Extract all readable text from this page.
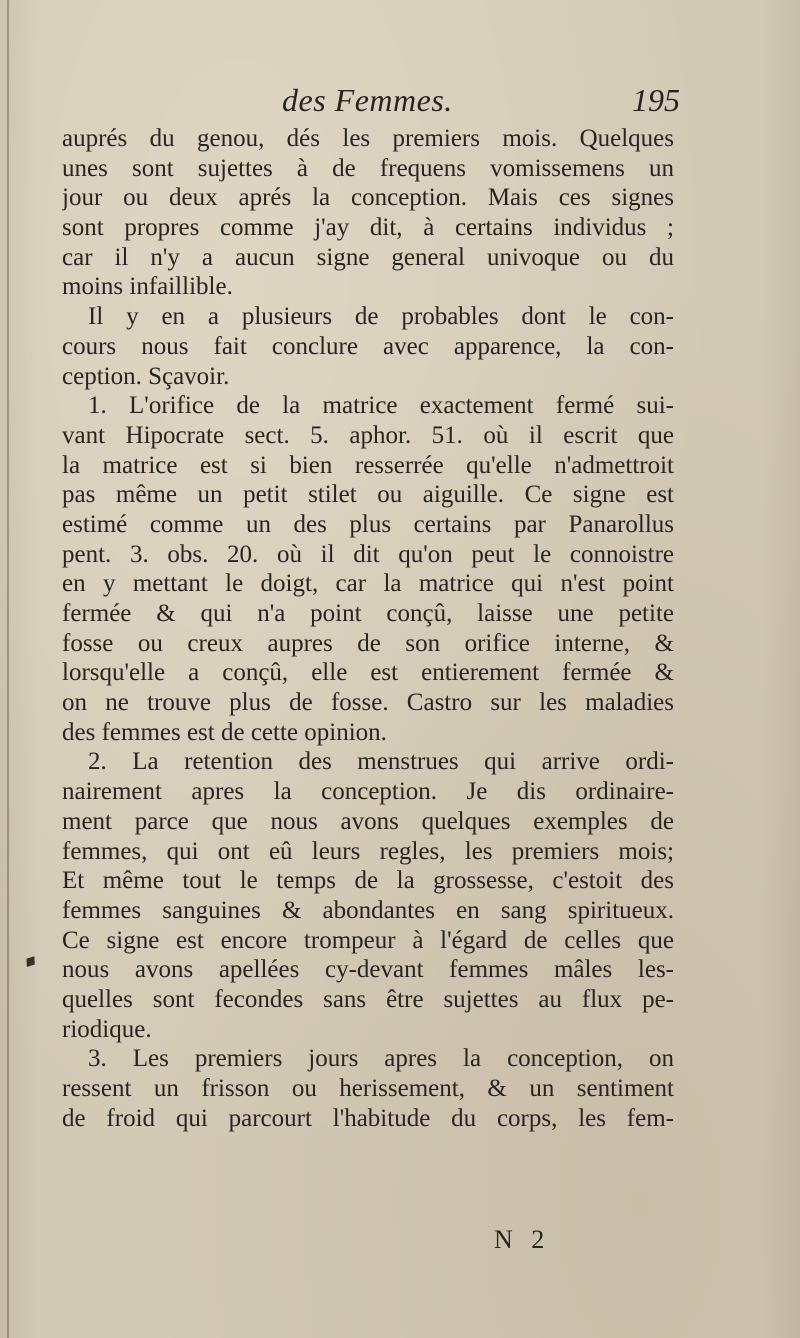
des Femmes.	195
auprés du genou, dés les premiers mois. Quelques
unes sont sujettes à de frequens vomissemens un
jour ou deux aprés la conception. Mais ces signes
sont propres comme j'ay dit, à certains individus ;
car il n'y a aucun signe general univoque ou du
moins infaillible.
Il y en a plusieurs de probables dont le con-
cours nous fait conclure avec apparence, la con-
ception. Sçavoir.
1. L'orifice de la matrice exactement fermé sui-
vant Hipocrate sect. 5. aphor. 51. où il escrit que
la matrice est si bien resserrée qu'elle n'admettroit
pas même un petit stilet ou aiguille. Ce signe est
estimé comme un des plus certains par Panarollus
pent. 3. obs. 20. où il dit qu'on peut le connoistre
en y mettant le doigt, car la matrice qui n'est point
fermée & qui n'a point conçû, laisse une petite
fosse ou creux aupres de son orifice interne, &
lorsqu'elle a conçû, elle est entierement fermée &
on ne trouve plus de fosse. Castro sur les maladies
des femmes est de cette opinion.
2. La retention des menstrues qui arrive ordi-
nairement apres la conception. Je dis ordinaire-
ment parce que nous avons quelques exemples de
femmes, qui ont eû leurs regles, les premiers mois;
Et même tout le temps de la grossesse, c'estoit des
femmes sanguines & abondantes en sang spiritueux.
Ce signe est encore trompeur à l'égard de celles que
nous avons apellées cy-devant femmes mâles les-
quelles sont fecondes sans être sujettes au flux pe-
riodique.
3. Les premiers jours apres la conception, on
ressent un frisson ou herissement, & un sentiment
de froid qui parcourt l'habitude du corps, les fem-
♦
N 2
